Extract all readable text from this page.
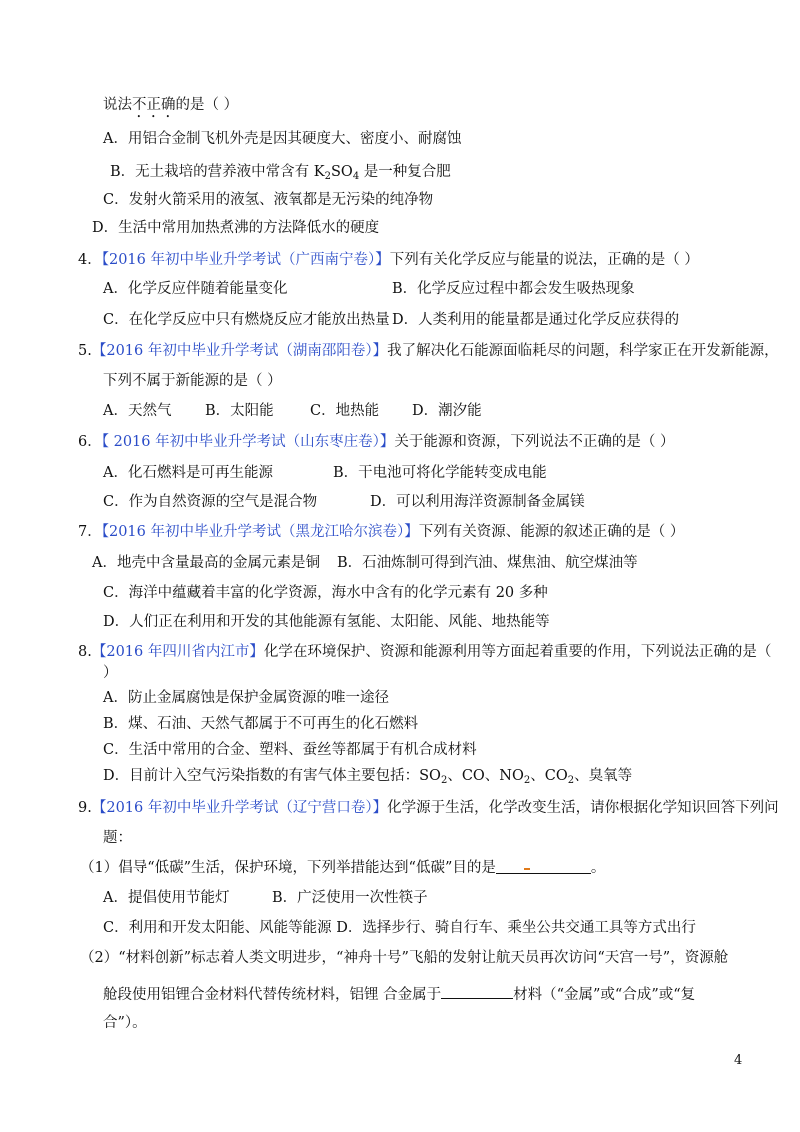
说法不正确的是（ ）
A．用铝合金制飞机外壳是因其硬度大、密度小、耐腐蚀
B．无土栽培的营养液中常含有 $K_2SO_4$ 是一种复合肥
C．发射火箭采用的液氢、液氧都是无污染的纯净物
D．生活中常用加热煮沸的方法降低水的硬度
4．【2016 年初中毕业升学考试（广西南宁卷）】下列有关化学反应与能量的说法，正确的是（ ）
A．化学反应伴随着能量变化	B．化学反应过程中都会发生吸热现象
C．在化学反应中只有燃烧反应才能放出热量 D．人类利用的能量都是通过化学反应获得的
5.【2016 年初中毕业升学考试（湖南邵阳卷）】我了解决化石能源面临耗尽的问题，科学家正在开发新能源，
下列不属于新能源的是（ ）
A．天然气 B．太阳能	C．地热能 D．潮汐能
6．【 2016 年初中毕业升学考试（山东枣庄卷）】关于能源和资源，下列说法不正确的是（ ）
A．化石燃料是可再生能源	B．干电池可将化学能转变成电能
C．作为自然资源的空气是混合物	D．可以利用海洋资源制备金属镁
7．【2016 年初中毕业升学考试（黑龙江哈尔滨卷）】下列有关资源、能源的叙述正确的是（ ）
A．地壳中含量最高的金属元素是铜 B．石油炼制可得到汽油、煤焦油、航空煤油等
C．海洋中蕴藏着丰富的化学资源，海水中含有的化学元素有 20 多种
D．人们正在利用和开发的其他能源有氢能、太阳能、风能、地热能等
8.【2016 年四川省内江市】化学在环境保护、资源和能源利用等方面起着重要的作用，下列说法正确的是（
）
A．防止金属腐蚀是保护金属资源的唯一途径
B．煤、石油、天然气都属于不可再生的化石燃料
C．生活中常用的合金、塑料、蚕丝等都属于有机合成材料
D．目前计入空气污染指数的有害气体主要包括：$SO_2$、CO、$NO_2$、$CO_2$、臭氧等
9.【2016 年初中毕业升学考试（辽宁营口卷）】化学源于生活，化学改变生活，请你根据化学知识回答下列问
题：
（1）倡导“低碳”生活，保护环境，下列举措能达到“低碳”目的是	。
A．提倡使用节能灯	B．广泛使用一次性筷子
C．利用和开发太阳能、风能等能源 D．选择步行、骑自行车、乘坐公共交通工具等方式出行
（2）“材料创新”标志着人类文明进步，“神舟十号”飞船的发射让航天员再次访问“天宫一号”，资源舱
舱段使用铝锂合金材料代替传统材料，铝锂 合金属于	材料（“金属”或“合成”或“复
合”）。
4
